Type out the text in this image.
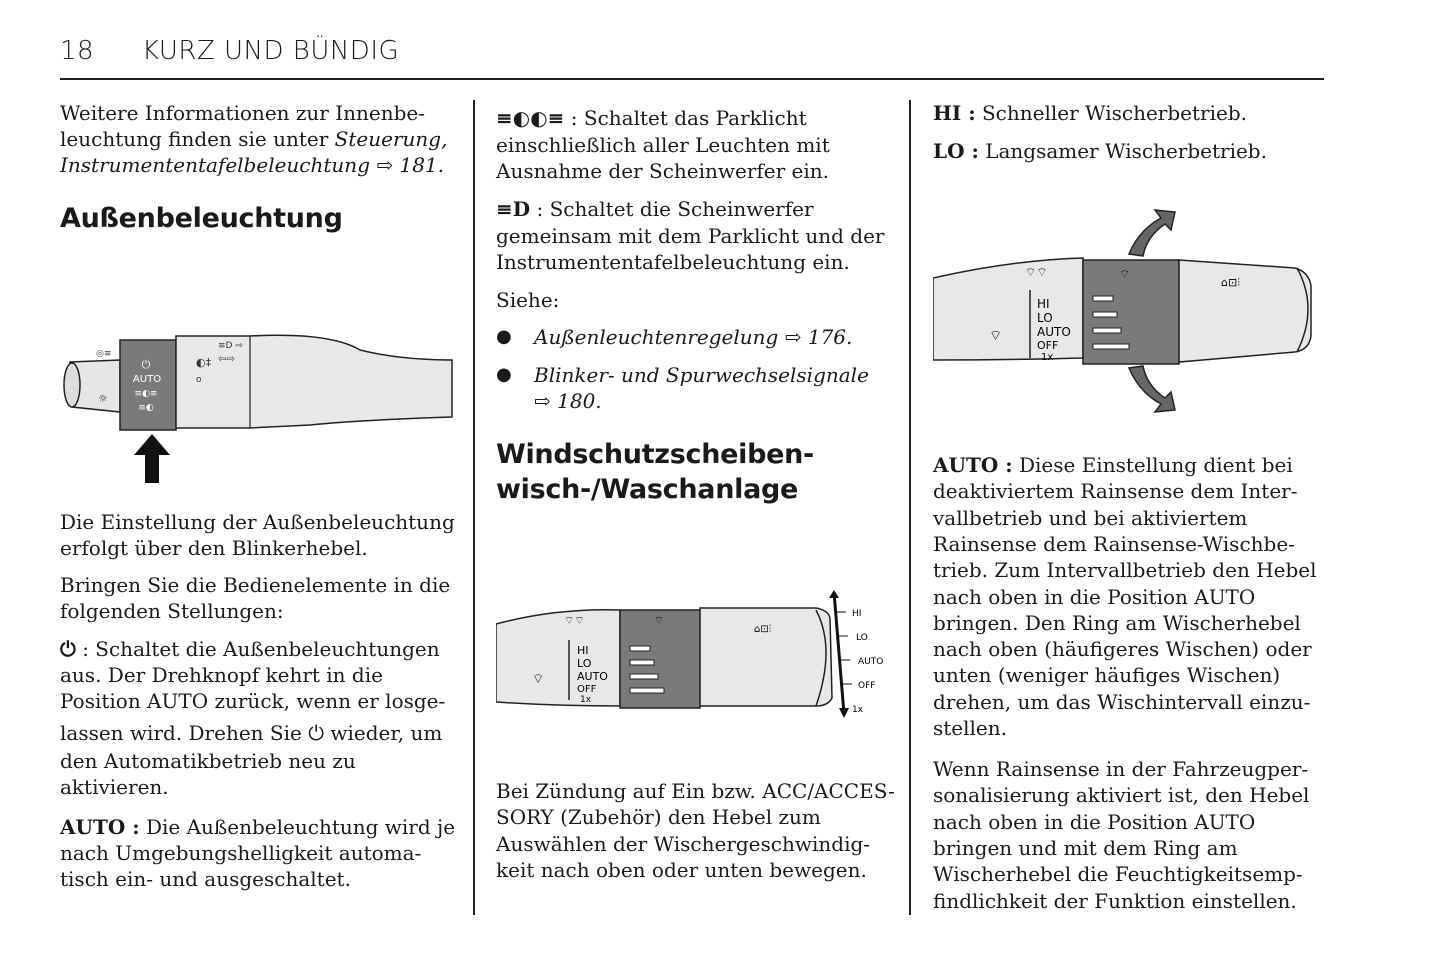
18 KURZ UND BÜNDIG

Weitere Informationen zur Innenbe-

leuchtung finden sie unter Steuerung,

Instrumententafelbeleuchtung ⇨ 181.

Außenbeleuchtung
AUTO
⏻
≡◐≡
≡◐
◎≡
☼
◐‡
o
≡D ⇨
⇦⇨

Die Einstellung der Außenbeleuchtung

erfolgt über den Blinkerhebel.

Bringen Sie die Bedienelemente in die

folgenden Stellungen:

⏻ : Schaltet die Außenbeleuchtungen

aus. Der Drehknopf kehrt in die

Position AUTO zurück, wenn er losge-

lassen wird. Drehen Sie ⏻ wieder, um

den Automatikbetrieb neu zu

aktivieren.

AUTO : Die Außenbeleuchtung wird je

nach Umgebungshelligkeit automa-

tisch ein- und ausgeschaltet.

≡◐◐≡ : Schaltet das Parklicht

einschließlich aller Leuchten mit

Ausnahme der Scheinwerfer ein.

≡D : Schaltet die Scheinwerfer

gemeinsam mit dem Parklicht und der

Instrumententafelbeleuchtung ein.

Siehe:

● Außenleuchtenregelung ⇨ 176.

● Blinker- und Spurwechselsignale

⇨ 180.

Windschutzscheiben-
wisch-/Waschanlage
HI
LO
AUTO
OFF
1x
⌔
⌔⌔	⌔
⌂⊡⫶
HI
LO
AUTO
OFF
1x

Bei Zündung auf Ein bzw. ACC/ACCES-

SORY (Zubehör) den Hebel zum

Auswählen der Wischergeschwindig-

keit nach oben oder unten bewegen.

HI : Schneller Wischerbetrieb.

LO : Langsamer Wischerbetrieb.

HI
LO
AUTO
OFF
1x
⌔
⌔⌔	⌔
⌂⊡⫶

AUTO : Diese Einstellung dient bei

deaktiviertem Rainsense dem Inter-

vallbetrieb und bei aktiviertem

Rainsense dem Rainsense-Wischbe-

trieb. Zum Intervallbetrieb den Hebel

nach oben in die Position AUTO

bringen. Den Ring am Wischerhebel

nach oben (häufigeres Wischen) oder

unten (weniger häufiges Wischen)

drehen, um das Wischintervall einzu-

stellen.

Wenn Rainsense in der Fahrzeugper-

sonalisierung aktiviert ist, den Hebel

nach oben in die Position AUTO

bringen und mit dem Ring am

Wischerhebel die Feuchtigkeitsemp-

findlichkeit der Funktion einstellen.
